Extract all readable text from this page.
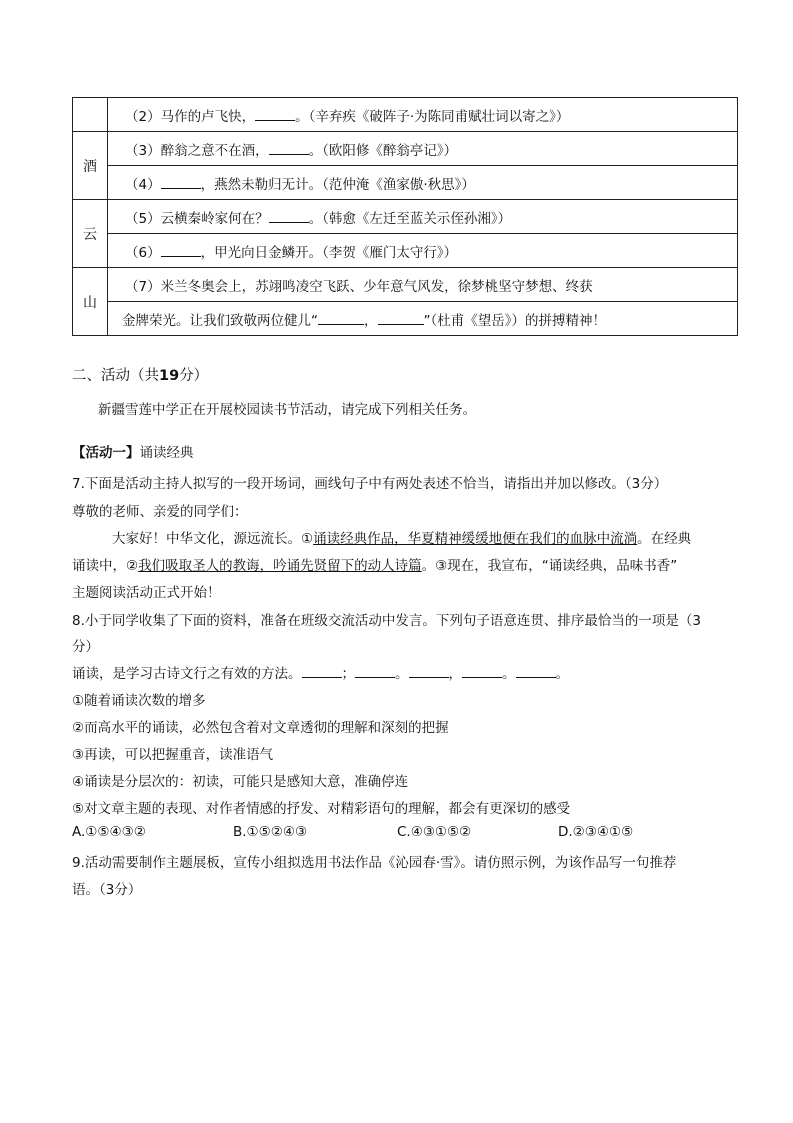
	（2）马作的卢飞快， 。（辛弃疾《破阵子·为陈同甫赋壮词以寄之》）
酒	（3）醉翁之意不在酒， 。（欧阳修《醉翁亭记》）
	（4） ，燕然未勒归无计。（范仲淹《渔家傲·秋思》）
云	（5）云横秦岭家何在？ 。（韩愈《左迁至蓝关示侄孙湘》）
	（6） ，甲光向日金鳞开。（李贺《雁门太守行》）
山	（7）米兰冬奥会上，苏翊鸣凌空飞跃、少年意气风发，徐梦桃坚守梦想、终获
	金牌荣光。让我们致敬两位健儿“ ， ”（杜甫《望岳》）的拼搏精神！
二、活动（共19分）
新疆雪莲中学正在开展校园读书节活动，请完成下列相关任务。
【活动一】诵读经典
7.下面是活动主持人拟写的一段开场词，画线句子中有两处表述不恰当，请指出并加以修改。（3分）
尊敬的老师、亲爱的同学们：
大家好！中华文化，源远流长。①诵读经典作品，华夏精神缓缓地便在我们的血脉中流淌。在经典
诵读中，②我们吸取圣人的教诲，吟诵先贤留下的动人诗篇。③现在，我宣布，“诵读经典，品味书香”
主题阅读活动正式开始！
8.小于同学收集了下面的资料，准备在班级交流活动中发言。下列句子语意连贯、排序最恰当的一项是（3
分）
诵读，是学习古诗文行之有效的方法。	；	。	，	。	。
①随着诵读次数的增多
②而高水平的诵读，必然包含着对文章透彻的理解和深刻的把握
③再读，可以把握重音，读准语气
④诵读是分层次的：初读，可能只是感知大意，准确停连
⑤对文章主题的表现、对作者情感的抒发、对精彩语句的理解，都会有更深切的感受
A.①⑤④③②	B.①⑤②④③	C.④③①⑤②	D.②③④①⑤
9.活动需要制作主题展板，宣传小组拟选用书法作品《沁园春·雪》。请仿照示例，为该作品写一句推荐
语。（3分）
